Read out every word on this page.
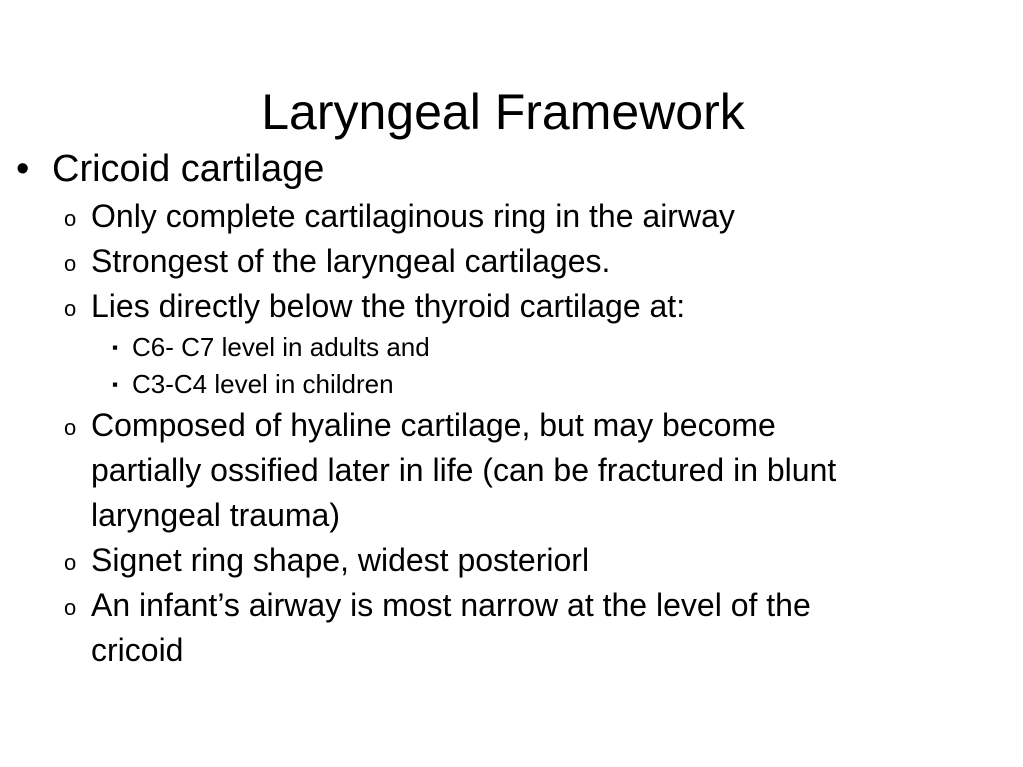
Laryngeal Framework
• Cricoid cartilage
o Only complete cartilaginous ring in the airway
o Strongest of the laryngeal cartilages.
o Lies directly below the thyroid cartilage at:
▪ C6- C7 level in adults and
▪ C3-C4 level in children
o Composed of hyaline cartilage, but may become
partially ossified later in life (can be fractured in blunt
laryngeal trauma)
o Signet ring shape, widest posteriorl
o An infant’s airway is most narrow at the level of the
cricoid
